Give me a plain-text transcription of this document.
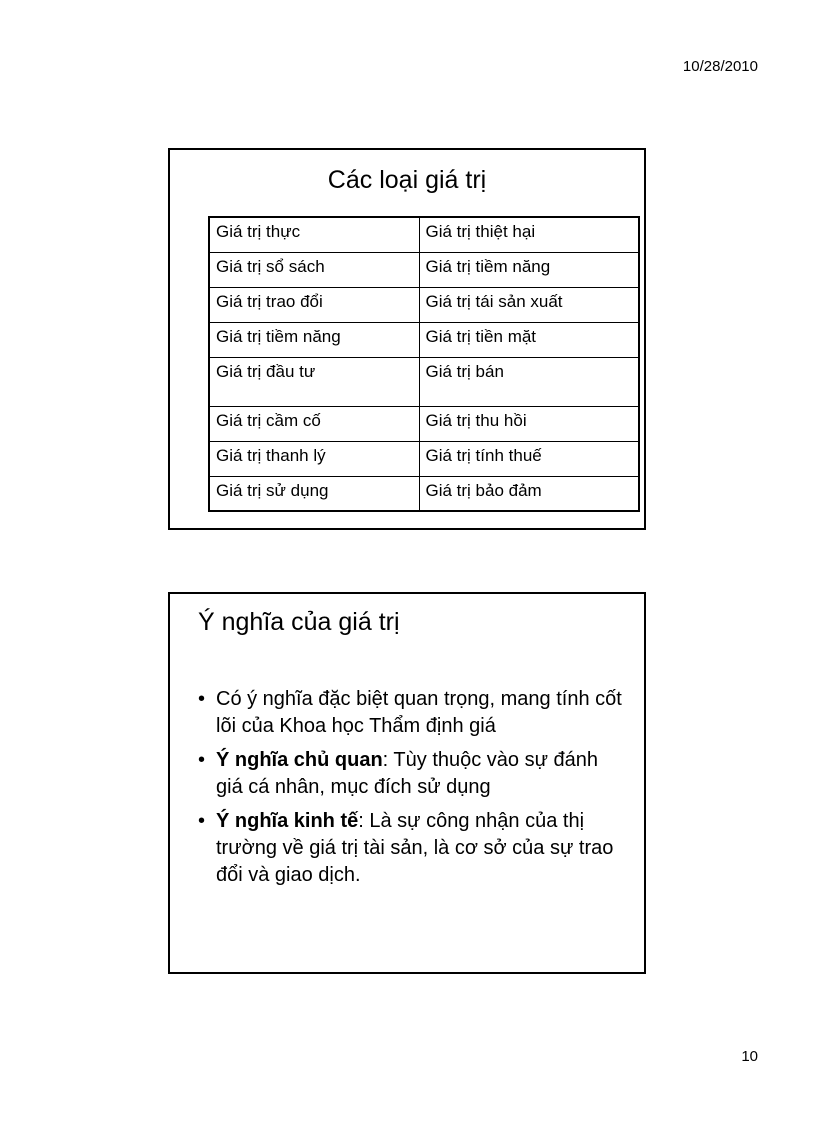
10/28/2010
Các loại giá trị
Giá trị thực	Giá trị thiệt hại
Giá trị sổ sách	Giá trị tiềm năng
Giá trị trao đổi	Giá trị tái sản xuất
Giá trị tiềm năng	Giá trị tiền mặt
Giá trị đầu tư	Giá trị bán
Giá trị cầm cố	Giá trị thu hồi
Giá trị thanh lý	Giá trị tính thuế
Giá trị sử dụng	Giá trị bảo đảm
Ý nghĩa của giá trị
• Có ý nghĩa đặc biệt quan trọng, mang tính cốt lõi của Khoa học Thẩm định giá
• Ý nghĩa chủ quan: Tùy thuộc vào sự đánh giá cá nhân, mục đích sử dụng
• Ý nghĩa kinh tế: Là sự công nhận của thị trường về giá trị tài sản, là cơ sở của sự trao đổi và giao dịch.
10
